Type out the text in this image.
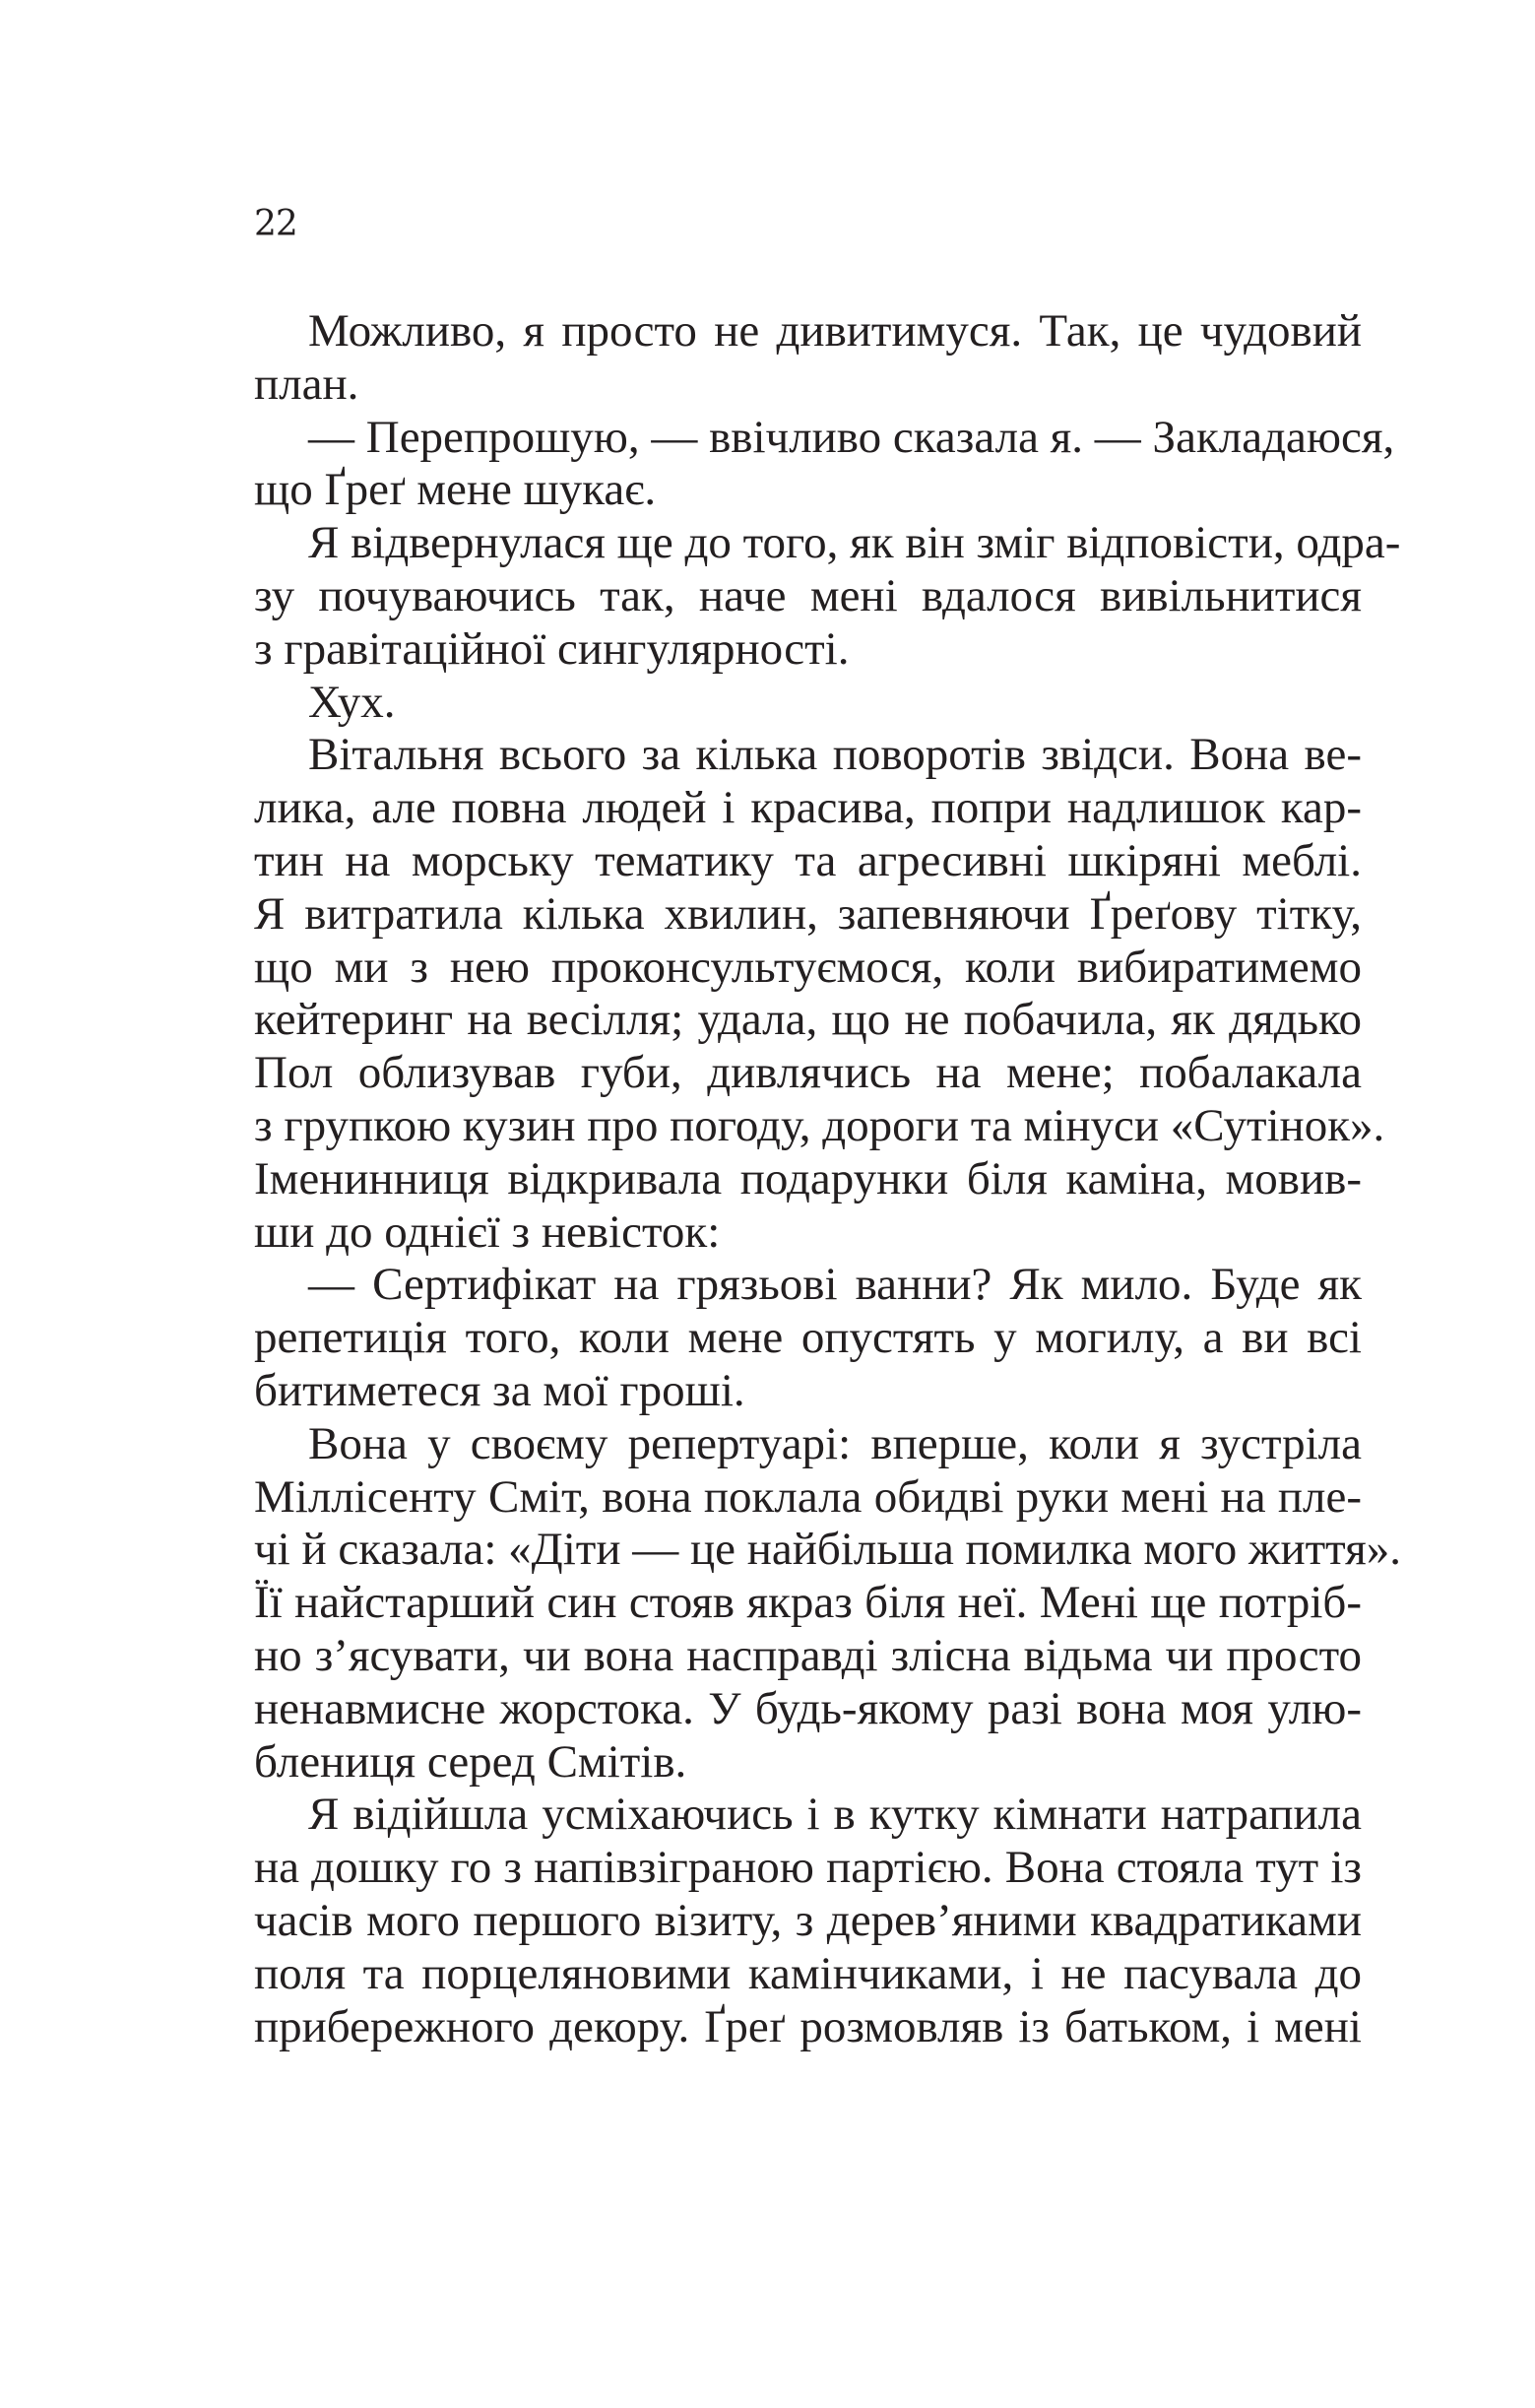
22
Можливо, я просто не дивитимуся. Так, це чудовий
план.
— Перепрошую, — ввічливо сказала я. — Закладаюся,
що Ґреґ мене шукає.
Я відвернулася ще до того, як він зміг відповісти, одра-
зу почуваючись так, наче мені вдалося вивільнитися
з гравітаційної сингулярності.
Хух.
Вітальня всього за кілька поворотів звідси. Вона ве-
лика, але повна людей і красива, попри надлишок кар-
тин на морську тематику та агресивні шкіряні меблі.
Я витратила кілька хвилин, запевняючи Ґреґову тітку,
що ми з нею проконсультуємося, коли вибиратимемо
кейтеринг на весілля; удала, що не побачила, як дядько
Пол облизував губи, дивлячись на мене; побалакала
з групкою кузин про погоду, дороги та мінуси «Сутінок».
Іменинниця відкривала подарунки біля каміна, мовив-
ши до однієї з невісток:
— Сертифікат на грязьові ванни? Як мило. Буде як
репетиція того, коли мене опустять у могилу, а ви всі
битиметеся за мої гроші.
Вона у своєму репертуарі: вперше, коли я зустріла
Міллісенту Сміт, вона поклала обидві руки мені на пле-
чі й сказала: «Діти — це найбільша помилка мого життя».
Її найстарший син стояв якраз біля неї. Мені ще потріб-
но з’ясувати, чи вона насправді злісна відьма чи просто
ненавмисне жорстока. У будь-якому разі вона моя улю-
блениця серед Смітів.
Я відійшла усміхаючись і в кутку кімнати натрапила
на дошку го з напівзіграною партією. Вона стояла тут із
часів мого першого візиту, з дерев’яними квадратиками
поля та порцеляновими камінчиками, і не пасувала до
прибережного декору. Ґреґ розмовляв із батьком, і мені
